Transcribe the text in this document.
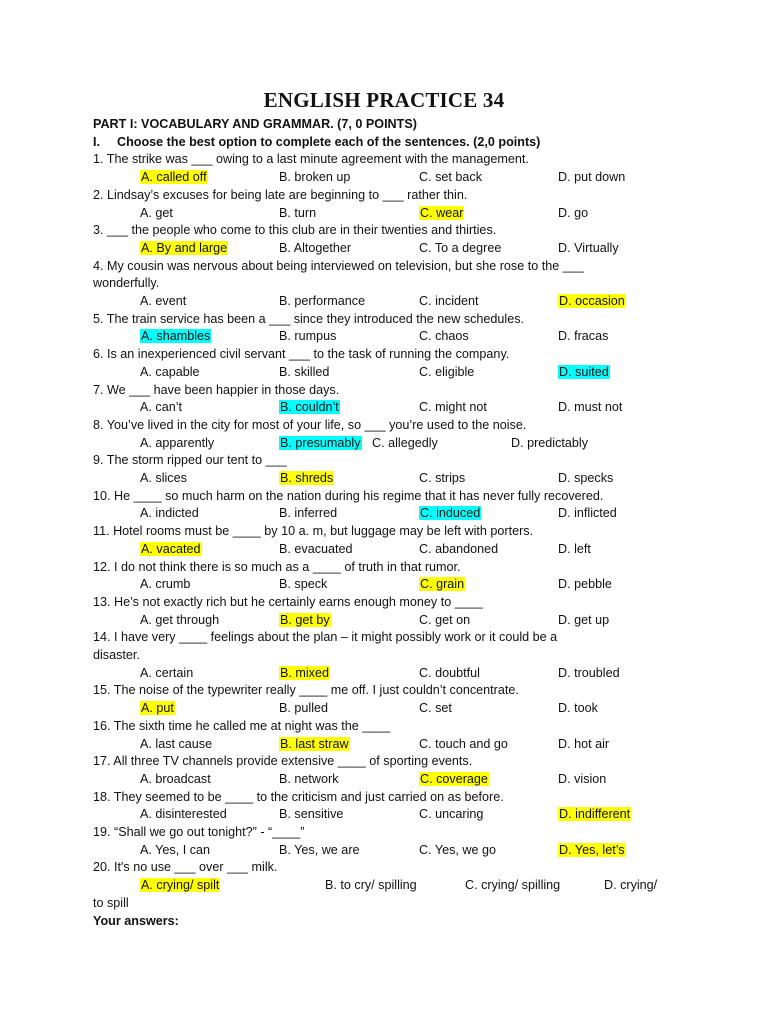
ENGLISH PRACTICE 34
PART I: VOCABULARY AND GRAMMAR. (7, 0 POINTS)
I. Choose the best option to complete each of the sentences. (2,0 points)
1. The strike was ___ owing to a last minute agreement with the management.
A. called off	B. broken up	C. set back	D. put down
2. Lindsay’s excuses for being late are beginning to ___ rather thin.
A. get	B. turn	C. wear	D. go
3. ___ the people who come to this club are in their twenties and thirties.
A. By and large	B. Altogether	C. To a degree	D. Virtually
4. My cousin was nervous about being interviewed on television, but she rose to the ___
wonderfully.
A. event	B. performance	C. incident	D. occasion
5. The train service has been a ___ since they introduced the new schedules.
A. shambles	B. rumpus	C. chaos	D. fracas
6. Is an inexperienced civil servant ___ to the task of running the company.
A. capable	B. skilled	C. eligible	D. suited
7. We ___ have been happier in those days.
A. can’t	B. couldn’t	C. might not	D. must not
8. You’ve lived in the city for most of your life, so ___ you’re used to the noise.
A. apparently	B. presumably C. allegedly	D. predictably
9. The storm ripped our tent to ___
A. slices	B. shreds	C. strips	D. specks
10. He ____ so much harm on the nation during his regime that it has never fully recovered.
A. indicted	B. inferred	C. induced	D. inflicted
11. Hotel rooms must be ____ by 10 a. m, but luggage may be left with porters.
A. vacated	B. evacuated	C. abandoned	D. left
12. I do not think there is so much as a ____ of truth in that rumor.
A. crumb	B. speck	C. grain	D. pebble
13. He’s not exactly rich but he certainly earns enough money to ____
A. get through	B. get by	C. get on	D. get up
14. I have very ____ feelings about the plan – it might possibly work or it could be a
disaster.
A. certain	B. mixed	C. doubtful	D. troubled
15. The noise of the typewriter really ____ me off. I just couldn’t concentrate.
A. put	B. pulled	C. set	D. took
16. The sixth time he called me at night was the ____
A. last cause	B. last straw	C. touch and go	D. hot air
17. All three TV channels provide extensive ____ of sporting events.
A. broadcast	B. network	C. coverage	D. vision
18. They seemed to be ____ to the criticism and just carried on as before.
A. disinterested	B. sensitive	C. uncaring	D. indifferent
19. “Shall we go out tonight?” - “____”
A. Yes, I can	B. Yes, we are	C. Yes, we go	D. Yes, let’s
20. It's no use ___ over ___ milk.
A. crying/ spilt	B. to cry/ spilling	C. crying/ spilling	D. crying/
to spill
Your answers:
